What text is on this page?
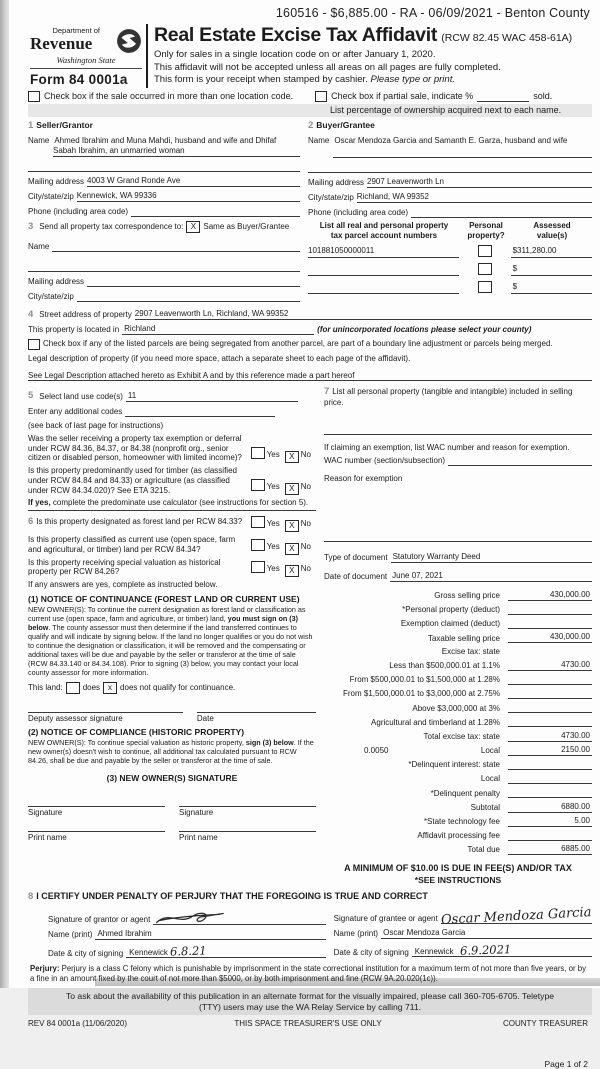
160516 - $6,885.00 - RA - 06/09/2021 - Benton County
Department of
Revenue
Washington State
Form 84 0001a
Real Estate Excise Tax Affidavit (RCW 82.45 WAC 458-61A)
Only for sales in a single location code on or after January 1, 2020.
This affidavit will not be accepted unless all areas on all pages are fully completed.
This form is your receipt when stamped by cashier. Please type or print.
Check box if the sale occurred in more than one location code.	Check box if partial sale, indicate %	sold.
List percentage of ownership acquired next to each name.
1 Seller/Grantor
Name Ahmed Ibrahim and Muna Mahdi, husband and wife and Dhifaf
Sabah Ibrahim, an unmarried woman
Mailing address 4003 W Grand Ronde Ave
City/state/zip Kennewick, WA 99336
Phone (including area code)
3 Send all property tax correspondence to: X Same as Buyer/Grantee
Name
Mailing address
City/state/zip
2 Buyer/Grantee
Name Oscar Mendoza Garcia and Samanth E. Garza, husband and wife
Mailing address 2907 Leavenworth Ln
City/state/zip Richland, WA 99352
Phone (including area code)
List all real and personal property
tax parcel account numbers
Personal
property?
Assessed
value(s)
101881050000011	$311,280.00
$
$
4 Street address of property 2907 Leavenworth Ln, Richland, WA 99352
This property is located in Richland	(for unincorporated locations please select your county)
Check box if any of the listed parcels are being segregated from another parcel, are part of a boundary line adjustment or parcels being merged.
Legal description of property (if you need more space, attach a separate sheet to each page of the affidavit).
See Legal Description attached hereto as Exhibit A and by this reference made a part hereof
5 Select land use code(s) 11
Enter any additional codes
(see back of last page for instructions)
Was the seller receiving a property tax exemption or deferral under RCW 84.36, 84.37, or 84.38 (nonprofit org., senior citizen or disabled person, homeowner with limited income)?	Yes X No
Is this property predominantly used for timber (as classified under RCW 84.84 and 84.33) or agriculture (as classified under RCW 84.34.020)? See ETA 3215.	Yes X No
If yes, complete the predominate use calculator (see instructions for section 5).
6 Is this property designated as forest land per RCW 84.33?	Yes X No
Is this property classified as current use (open space, farm and agricultural, or timber) land per RCW 84.34?	Yes X No
Is this property receiving special valuation as historical property per RCW 84.26?	Yes X No
If any answers are yes, complete as instructed below.
(1) NOTICE OF CONTINUANCE (FOREST LAND OR CURRENT USE)
NEW OWNER(S): To continue the current designation as forest land or classification as current use (open space, farm and agriculture, or timber) land, you must sign on (3) below. The county assessor must then determine if the land transferred continues to qualify and will indicate by signing below. If the land no longer qualifies or you do not wish to continue the designation or classification, it will be removed and the compensating or additional taxes will be due and payable by the seller or transferor at the time of sale (RCW 84.33.140 or 84.34.108). Prior to signing (3) below, you may contact your local county assessor for more information.
This land:	does	x	does not qualify for continuance.
Deputy assessor signature	Date
(2) NOTICE OF COMPLIANCE (HISTORIC PROPERTY)
NEW OWNER(S): To continue special valuation as historic property, sign (3) below. If the new owner(s) doesn't wish to continue, all additional tax calculated pursuant to RCW 84.26, shall be due and payable by the seller or transferor at the time of sale.
(3) NEW OWNER(S) SIGNATURE
Signature	Signature
Print name	Print name
7 List all personal property (tangible and intangible) included in selling price.
If claiming an exemption, list WAC number and reason for exemption.
WAC number (section/subsection)
Reason for exemption
Type of document Statutory Warranty Deed
Date of document June 07, 2021
Gross selling price	430,000.00
*Personal property (deduct)
Exemption claimed (deduct)
Taxable selling price	430,000.00
Excise tax: state
Less than $500,000.01 at 1.1%	4730.00
From $500,000.01 to $1,500,000 at 1.28%
From $1,500,000.01 to $3,000,000 at 2.75%
Above $3,000,000 at 3%
Agricultural and timberland at 1.28%
Total excise tax: state	4730.00
0.0050	Local	2150.00
*Delinquent interest: state
Local
*Delinquent penalty
Subtotal	6880.00
*State technology fee	5.00
Affidavit processing fee
Total due	6885.00
A MINIMUM OF $10.00 IS DUE IN FEE(S) AND/OR TAX
*SEE INSTRUCTIONS
8 I CERTIFY UNDER PENALTY OF PERJURY THAT THE FOREGOING IS TRUE AND CORRECT
Signature of grantor or agent
Name (print) Ahmed Ibrahim
Date & city of signing Kennewick 6.8.21
Signature of grantee or agent Oscar Mendoza Garcia
Name (print) Oscar Mendoza Garcia
Date & city of signing Kennewick 6.9.2021
Perjury: Perjury is a class C felony which is punishable by imprisonment in the state correctional institution for a maximum term of not more than five years, or by a fine in an amount fixed by the court of not more than $5000, or by both imprisonment and fine (RCW 9A.20.020(1c)).
To ask about the availability of this publication in an alternate format for the visually impaired, please call 360-705-6705. Teletype (TTY) users may use the WA Relay Service by calling 711.
REV 84 0001a (11/06/2020)	THIS SPACE TREASURER'S USE ONLY	COUNTY TREASURER
Page 1 of 2
